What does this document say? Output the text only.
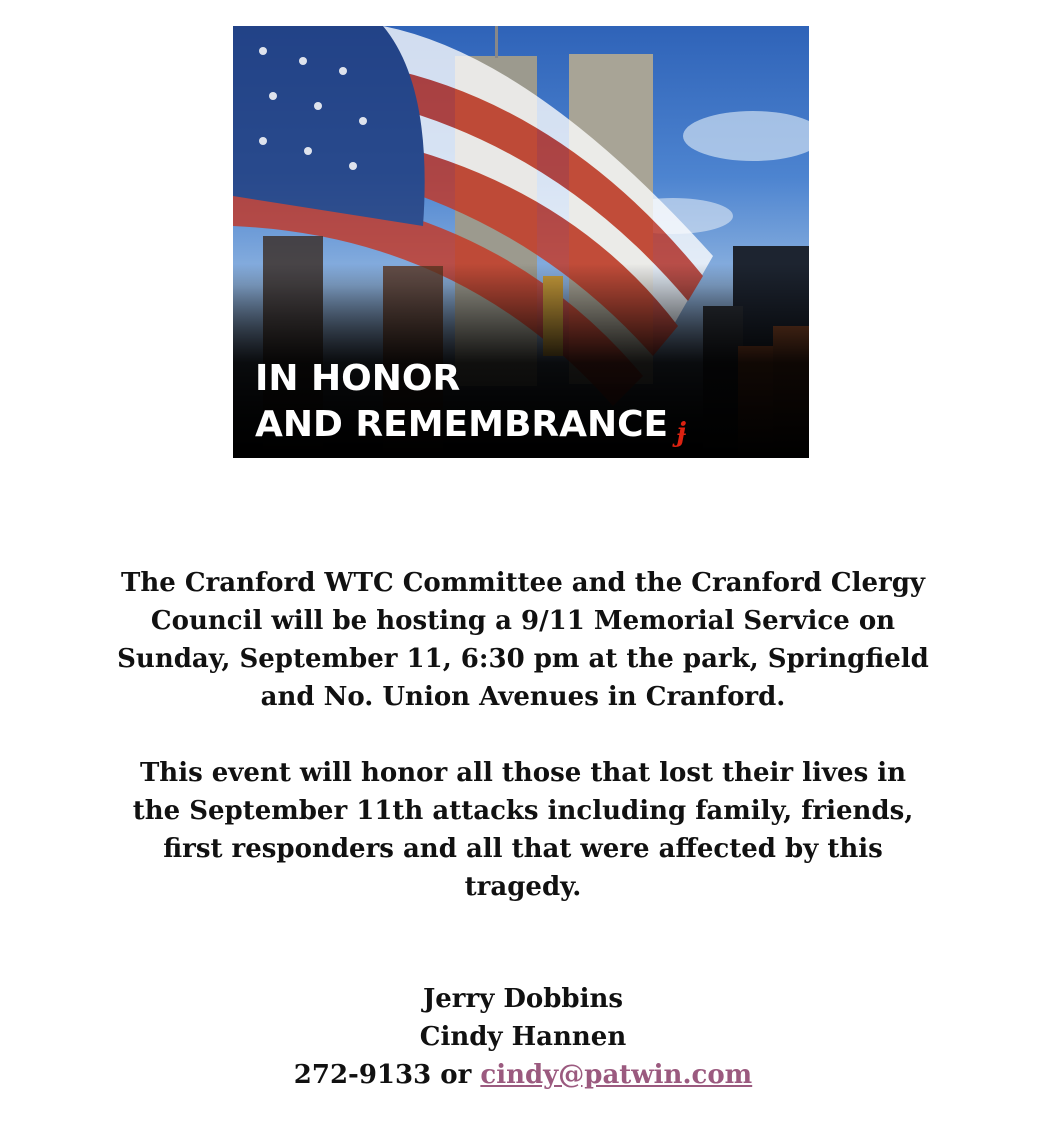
IN HONOR
AND REMEMBRANCE ɉ
The Cranford WTC Committee and the Cranford Clergy
Council will be hosting a 9/11 Memorial Service on
Sunday, September 11, 6:30 pm at the park, Springfield
and No. Union Avenues in Cranford.
This event will honor all those that lost their lives in
the September 11th attacks including family, friends,
first responders and all that were affected by this
tragedy.
Jerry Dobbins
Cindy Hannen
272-9133 or cindy@patwin.com
